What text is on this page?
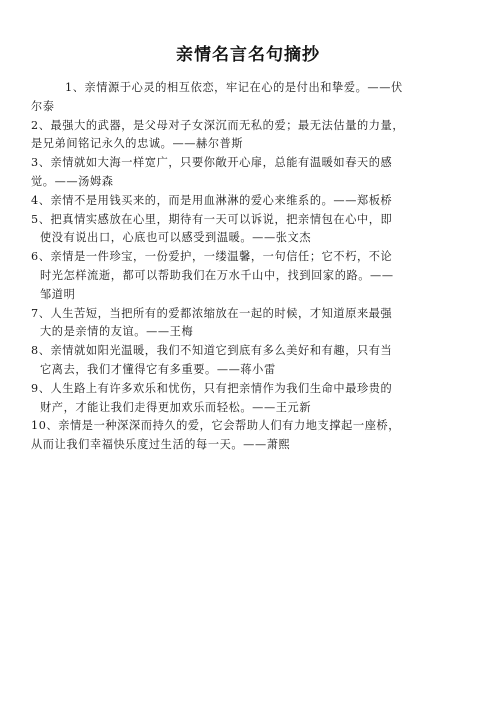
亲情名言名句摘抄
1、亲情源于心灵的相互依恋，牢记在心的是付出和挚爱。——伏
尔泰
2、最强大的武器，是父母对子女深沉而无私的爱；最无法估量的力量，
是兄弟间铭记永久的忠诚。——赫尔普斯
3、亲情就如大海一样宽广，只要你敞开心扉，总能有温暖如春天的感
觉。——汤姆森
4、亲情不是用钱买来的，而是用血淋淋的爱心来维系的。——郑板桥
5、把真情实感放在心里，期待有一天可以诉说，把亲情包在心中，即
使没有说出口，心底也可以感受到温暖。——张文杰
6、亲情是一件珍宝，一份爱护，一缕温馨，一句信任；它不朽，不论
时光怎样流逝，都可以帮助我们在万水千山中，找到回家的路。——
邹道明
7、人生苦短，当把所有的爱都浓缩放在一起的时候，才知道原来最强
大的是亲情的友谊。——王梅
8、亲情就如阳光温暖，我们不知道它到底有多么美好和有趣，只有当
它离去，我们才懂得它有多重要。——蒋小雷
9、人生路上有许多欢乐和忧伤，只有把亲情作为我们生命中最珍贵的
财产，才能让我们走得更加欢乐而轻松。——王元新
10、亲情是一种深深而持久的爱，它会帮助人们有力地支撑起一座桥，
从而让我们幸福快乐度过生活的每一天。——萧熙
